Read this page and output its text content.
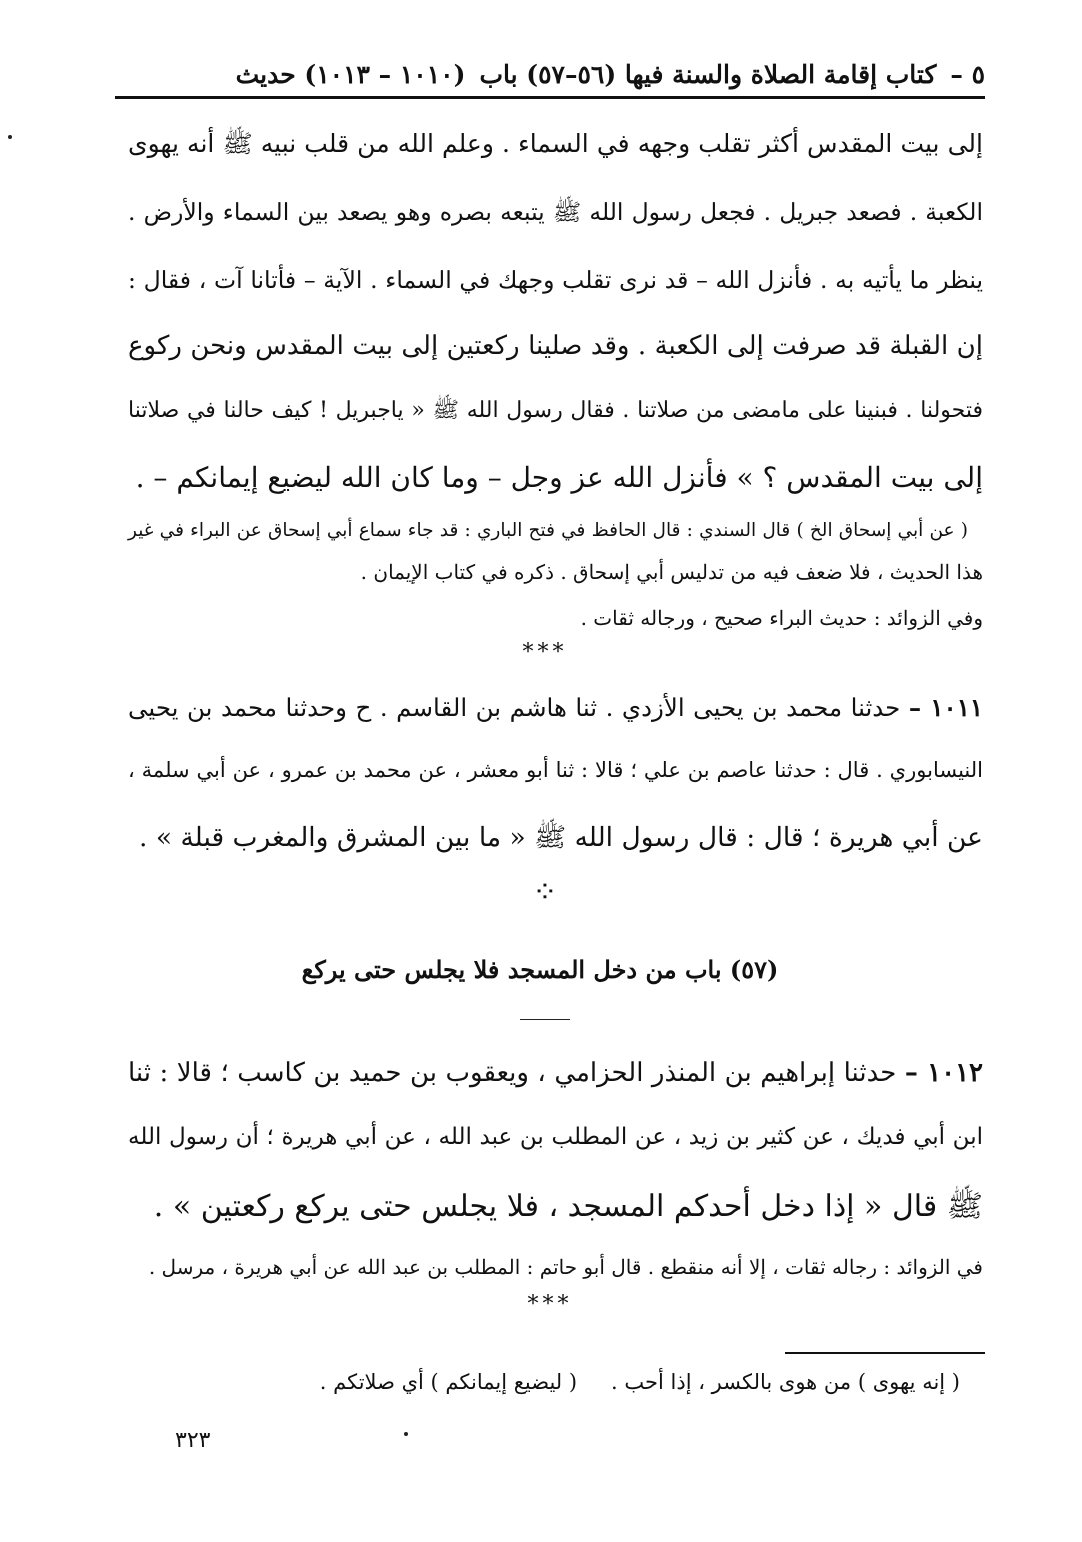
٥ –
كتاب إقامة الصلاة والسنة فيها (٥٦–٥٧) باب
(١٠١٠ – ١٠١٣) حديث
إلى بيت المقدس أكثر تقلب وجهه في السماء . وعلم الله من قلب نبيه ﷺ أنه يهوى
الكعبة . فصعد جبريل . فجعل رسول الله ﷺ يتبعه بصره وهو يصعد بين السماء والأرض .
ينظر ما يأتيه به . فأنزل الله – قد نرى تقلب وجهك في السماء . الآية – فأتانا آت ، فقال :
إن القبلة قد صرفت إلى الكعبة . وقد صلينا ركعتين إلى بيت المقدس ونحن ركوع
فتحولنا . فبنينا على مامضى من صلاتنا . فقال رسول الله ﷺ « ياجبريل ! كيف حالنا في صلاتنا
إلى بيت المقدس ؟ » فأنزل الله عز وجل – وما كان الله ليضيع إيمانكم – .
( عن أبي إسحاق الخ ) قال السندي : قال الحافظ في فتح الباري : قد جاء سماع أبي إسحاق عن البراء في غير
هذا الحديث ، فلا ضعف فيه من تدليس أبي إسحاق . ذكره في كتاب الإيمان .
وفي الزوائد : حديث البراء صحيح ، ورجاله ثقات .
***
١٠١١ – حدثنا محمد بن يحيى الأزدي . ثنا هاشم بن القاسم . ح وحدثنا محمد بن يحيى
النيسابوري . قال : حدثنا عاصم بن علي ؛ قالا : ثنا أبو معشر ، عن محمد بن عمرو ، عن أبي سلمة ،
عن أبي هريرة ؛ قال : قال رسول الله ﷺ « ما بين المشرق والمغرب قبلة » .
⁘
(٥٧) باب من دخل المسجد فلا يجلس حتى يركع
١٠١٢ – حدثنا إبراهيم بن المنذر الحزامي ، ويعقوب بن حميد بن كاسب ؛ قالا : ثنا
ابن أبي فديك ، عن كثير بن زيد ، عن المطلب بن عبد الله ، عن أبي هريرة ؛ أن رسول الله
ﷺ قال « إذا دخل أحدكم المسجد ، فلا يجلس حتى يركع ركعتين » .
في الزوائد : رجاله ثقات ، إلا أنه منقطع . قال أبو حاتم : المطلب بن عبد الله عن أبي هريرة ، مرسل .
***
( إنه يهوى ) من هوى بالكسر ، إذا أحب .
( ليضيع إيمانكم ) أي صلاتكم .
٣٢٣
